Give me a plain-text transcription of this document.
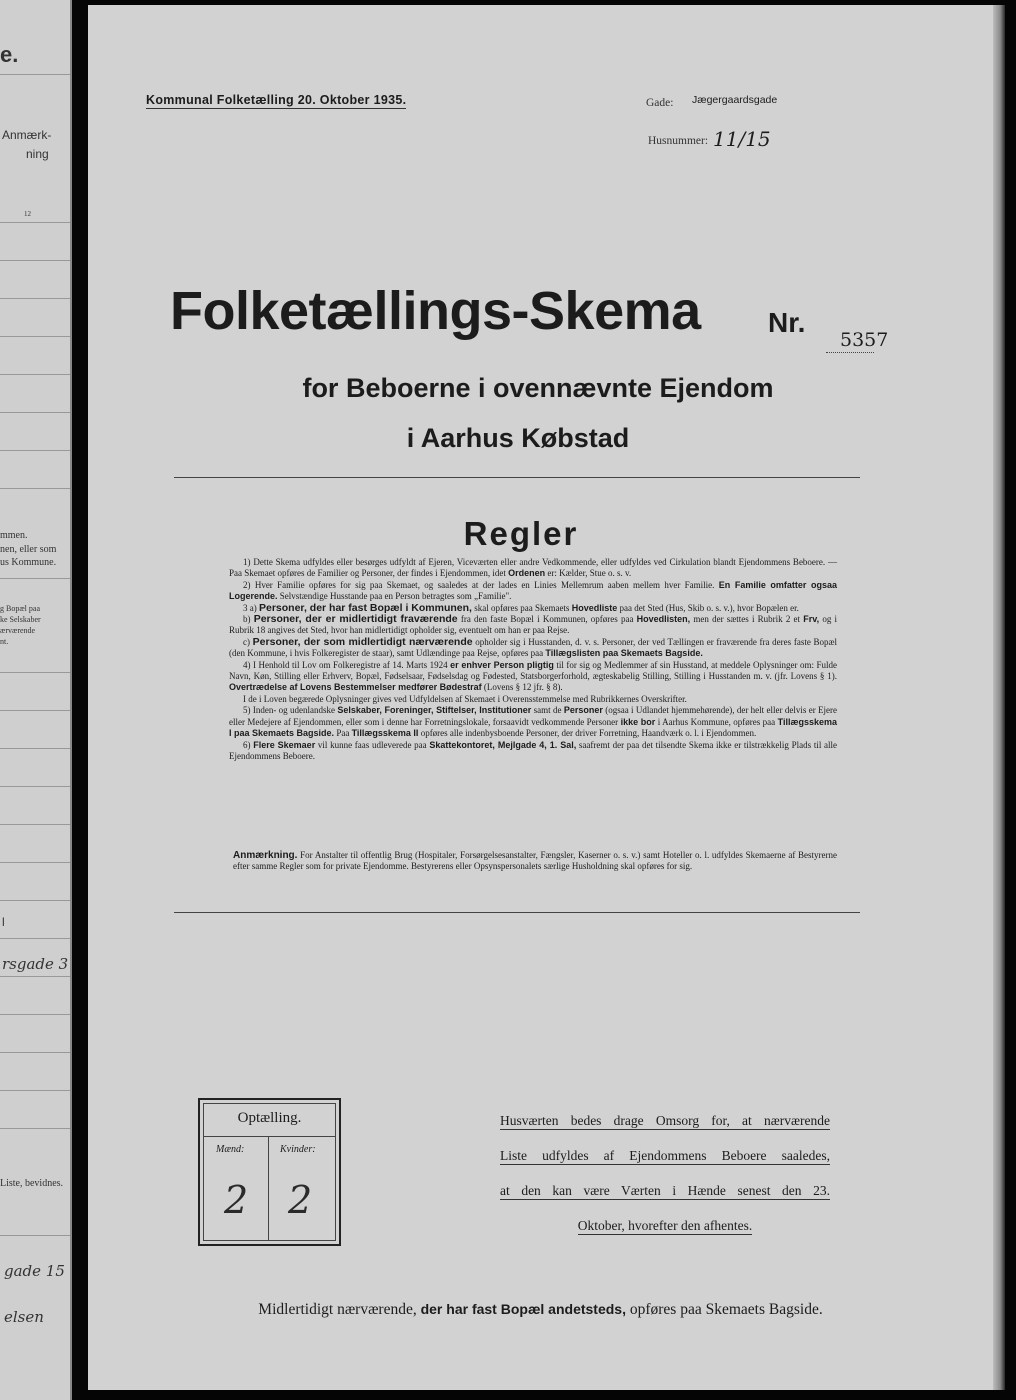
e.
Anmærk-
ning
12
mmen.
nen, eller som
us Kommune.
g Bopæl paa
ke Selskaber
ærværende
nt.
l
rsgade 3
Liste, bevidnes.
gade 15
elsen
Kommunal Folketælling 20. Oktober 1935.	Gade: Jægergaardsgade
Husnummer: 11/15
Folketællings-Skema Nr.
5357
for Beboerne i ovennævnte Ejendom
i Aarhus Købstad
Regler

1) Dette Skema udfyldes eller besørges udfyldt af Ejeren, Viceværten eller andre Vedkommende, eller udfyldes ved Cirkulation blandt Ejendommens Beboere. — Paa Skemaet opføres de Familier og Personer, der findes i Ejendommen, idet Ordenen er: Kælder, Stue o. s. v.

2) Hver Familie opføres for sig paa Skemaet, og saaledes at der lades en Linies Mellemrum aaben mellem hver Familie. En Familie omfatter ogsaa Logerende. Selvstændige Husstande paa en Person betragtes som „Familie".

3 a) Personer, der har fast Bopæl i Kommunen, skal opføres paa Skemaets Hovedliste paa det Sted (Hus, Skib o. s. v.), hvor Bopælen er.

b) Personer, der er midlertidigt fraværende fra den faste Bopæl i Kommunen, opføres paa Hovedlisten, men der sættes i Rubrik 2 et Frv, og i Rubrik 18 angives det Sted, hvor han midlertidigt opholder sig, eventuelt om han er paa Rejse.

c) Personer, der som midlertidigt nærværende opholder sig i Husstanden, d. v. s. Personer, der ved Tællingen er fraværende fra deres faste Bopæl (den Kommune, i hvis Folkeregister de staar), samt Udlændinge paa Rejse, opføres paa Tillægslisten paa Skemaets Bagside.

4) I Henhold til Lov om Folkeregistre af 14. Marts 1924 er enhver Person pligtig til for sig og Medlemmer af sin Husstand, at meddele Oplysninger om: Fulde Navn, Køn, Stilling eller Erhverv, Bopæl, Fødselsaar, Fødselsdag og Fødested, Statsborgerforhold, ægteskabelig Stilling, Stilling i Husstanden m. v. (jfr. Lovens § 1). Overtrædelse af Lovens Bestemmelser medfører Bødestraf (Lovens § 12 jfr. § 8).

I de i Loven begærede Oplysninger gives ved Udfyldelsen af Skemaet i Overensstemmelse med Rubrikkernes Overskrifter.

5) Inden- og udenlandske Selskaber, Foreninger, Stiftelser, Institutioner samt de Personer (ogsaa i Udlandet hjemmehørende), der helt eller delvis er Ejere eller Medejere af Ejendommen, eller som i denne har Forretningslokale, forsaavidt vedkommende Personer ikke bor i Aarhus Kommune, opføres paa Tillægsskema I paa Skemaets Bagside. Paa Tillægsskema II opføres alle indenbysboende Personer, der driver Forretning, Haandværk o. l. i Ejendommen.

6) Flere Skemaer vil kunne faas udleverede paa Skattekontoret, Mejlgade 4, 1. Sal, saafremt der paa det tilsendte Skema ikke er tilstrækkelig Plads til alle Ejendommens Beboere.

Anmærkning. For Anstalter til offentlig Brug (Hospitaler, Forsørgelsesanstalter, Fængsler, Kaserner o. s. v.) samt Hoteller o. l. udfyldes Skemaerne af Bestyrerne efter samme Regler som for private Ejendomme. Bestyrerens eller Opsynspersonalets særlige Husholdning skal opføres for sig.
Optælling.
Mænd:	Kvinder:
2 2
Husværten bedes drage Omsorg for, at nærværende
Liste udfyldes af Ejendommens Beboere saaledes,
at den kan være Værten i Hænde senest den 23.
Oktober, hvorefter den afhentes.
Midlertidigt nærværende, der har fast Bopæl andetsteds, opføres paa Skemaets Bagside.
